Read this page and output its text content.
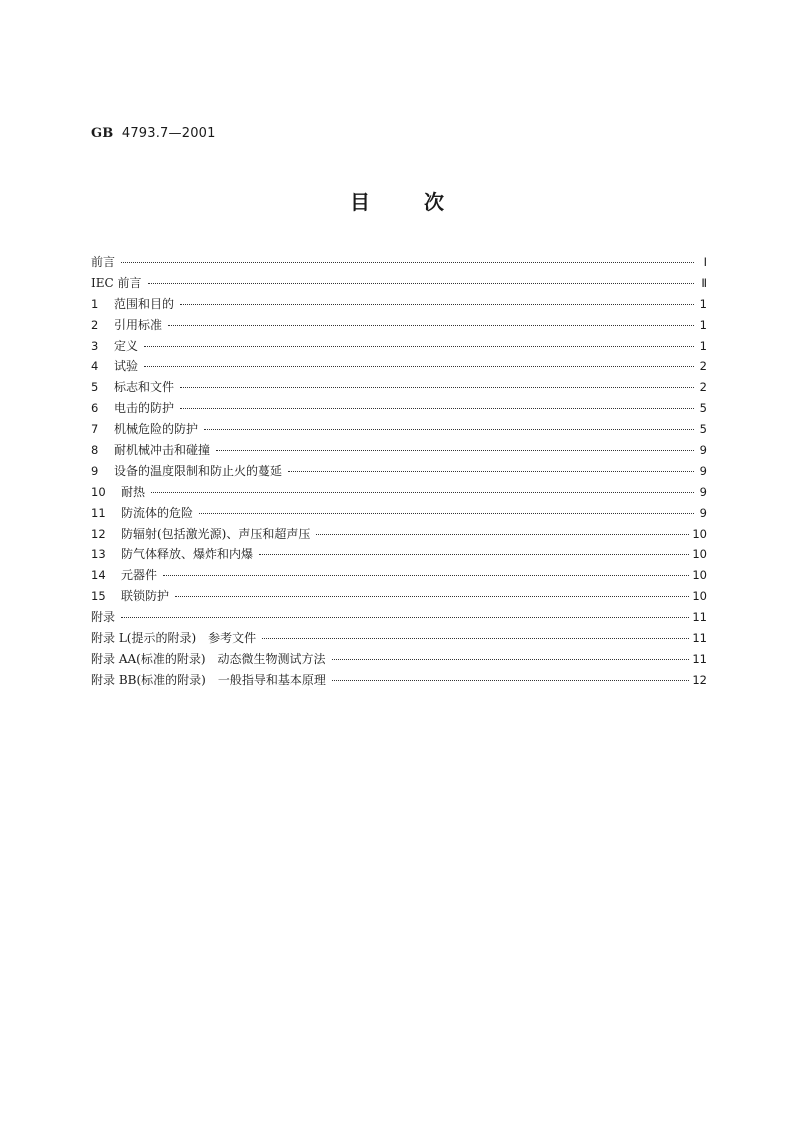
GB 4793.7—2001
目次
前言	I
IEC 前言	Ⅱ
1	范围和目的	1
2	引用标准	1
3	定义	1
4	试验	2
5	标志和文件	2
6	电击的防护	5
7	机械危险的防护	5
8	耐机械冲击和碰撞	9
9	设备的温度限制和防止火的蔓延	9
10	耐热	9
11	防流体的危险	9
12	防辐射(包括激光源)、声压和超声压	10
13	防气体释放、爆炸和内爆	10
14	元器件	10
15	联锁防护	10
附录	11
附录 L(提示的附录)　参考文件	11
附录 AA(标准的附录)　动态微生物测试方法	11
附录 BB(标准的附录)　一般指导和基本原理	12
